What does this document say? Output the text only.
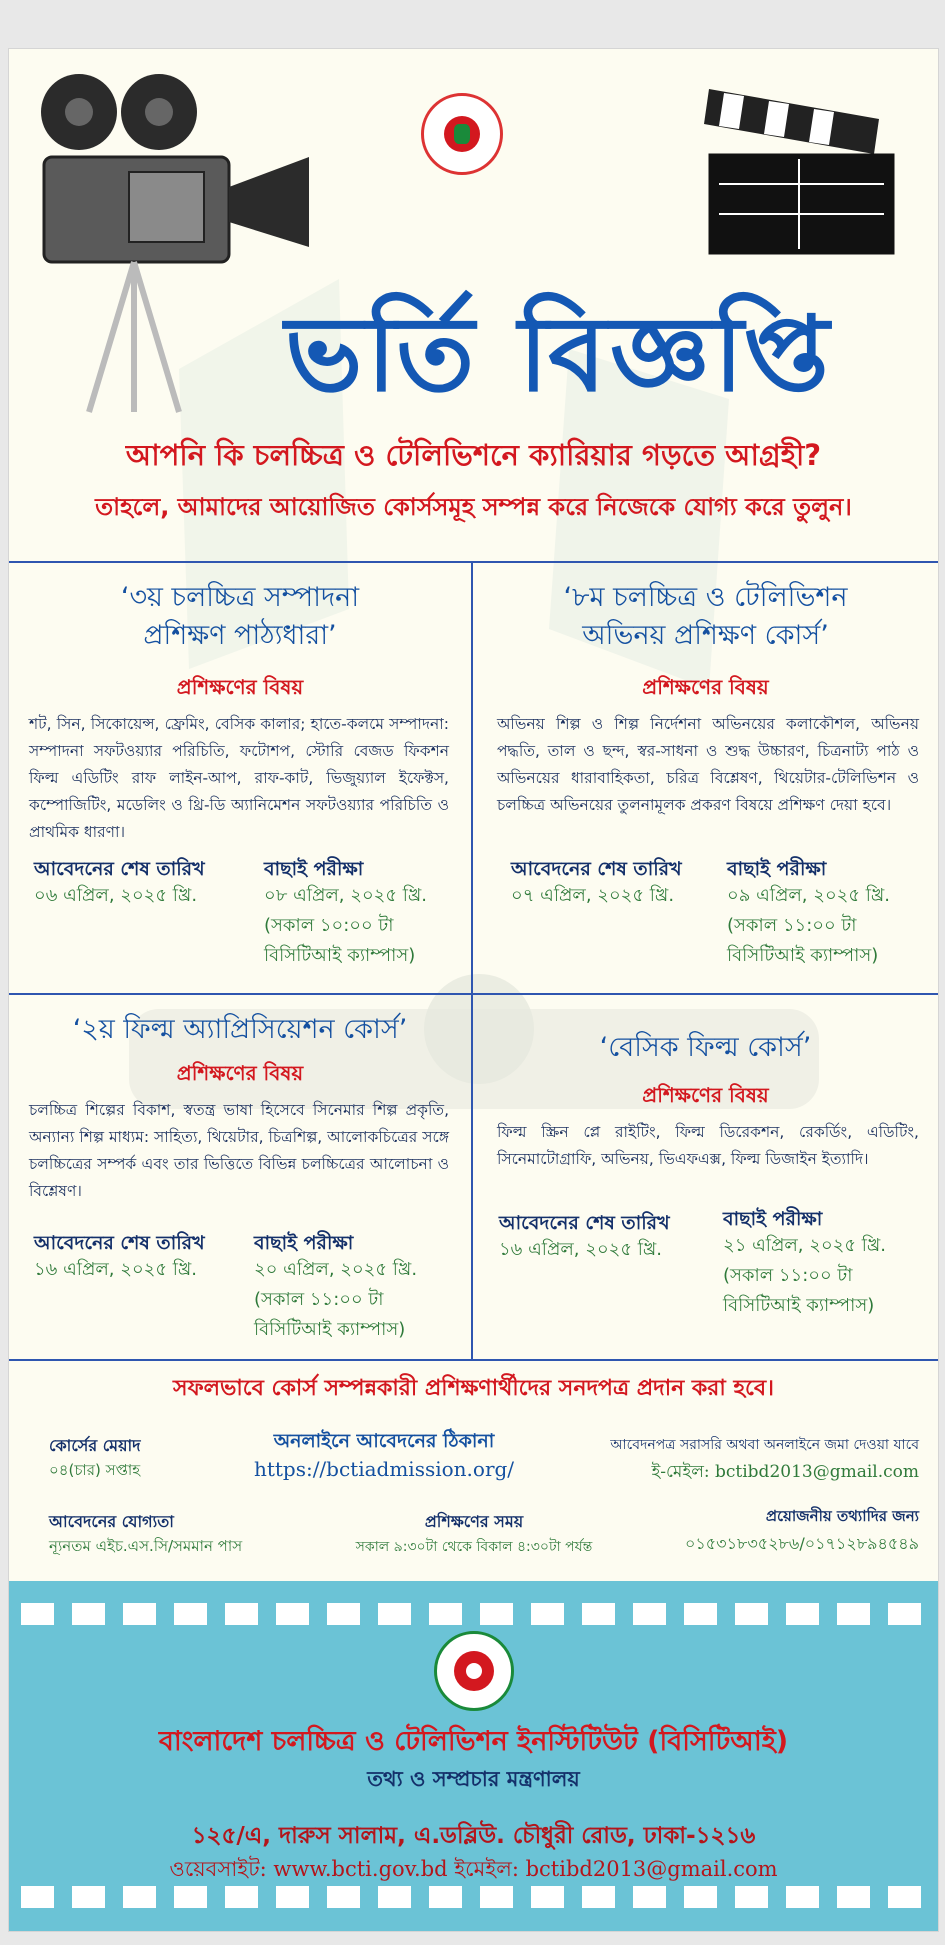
ভর্তি বিজ্ঞপ্তি
আপনি কি চলচ্চিত্র ও টেলিভিশনে ক্যারিয়ার গড়তে আগ্রহী?
তাহলে, আমাদের আয়োজিত কোর্সসমূহ সম্পন্ন করে নিজেকে যোগ্য করে তুলুন।
‘৩য় চলচ্চিত্র সম্পাদনা
প্রশিক্ষণ পাঠ্যধারা’
প্রশিক্ষণের বিষয়
শট, সিন, সিকোয়েন্স, ফ্রেমিং, বেসিক কালার; হাতে-কলমে সম্পাদনা: সম্পাদনা সফটওয়্যার পরিচিতি, ফটোশপ, স্টোরি বেজড ফিকশন ফিল্ম এডিটিং রাফ লাইন-আপ, রাফ-কাট, ভিজুয়্যাল ইফেক্টস, কম্পোজিটিং, মডেলিং ও থ্রি-ডি অ্যানিমেশন সফটওয়্যার পরিচিতি ও প্রাথমিক ধারণা।
আবেদনের শেষ তারিখ
০৬ এপ্রিল, ২০২৫ খ্রি.
বাছাই পরীক্ষা
০৮ এপ্রিল, ২০২৫ খ্রি.
(সকাল ১০:০০ টা
বিসিটিআই ক্যাম্পাস)
‘৮ম চলচ্চিত্র ও টেলিভিশন
অভিনয় প্রশিক্ষণ কোর্স’
প্রশিক্ষণের বিষয়
অভিনয় শিল্প ও শিল্প নির্দেশনা অভিনয়ের কলাকৌশল, অভিনয় পদ্ধতি, তাল ও ছন্দ, স্বর-সাধনা ও শুদ্ধ উচ্চারণ, চিত্রনাট্য পাঠ ও অভিনয়ের ধারাবাহিকতা, চরিত্র বিশ্লেষণ, থিয়েটার-টেলিভিশন ও চলচ্চিত্র অভিনয়ের তুলনামূলক প্রকরণ বিষয়ে প্রশিক্ষণ দেয়া হবে।
আবেদনের শেষ তারিখ
০৭ এপ্রিল, ২০২৫ খ্রি.
বাছাই পরীক্ষা
০৯ এপ্রিল, ২০২৫ খ্রি.
(সকাল ১১:০০ টা
বিসিটিআই ক্যাম্পাস)
‘২য় ফিল্ম অ্যাপ্রিসিয়েশন কোর্স’
প্রশিক্ষণের বিষয়
চলচ্চিত্র শিল্পের বিকাশ, স্বতন্ত্র ভাষা হিসেবে সিনেমার শিল্প প্রকৃতি, অন্যান্য শিল্প মাধ্যম: সাহিত্য, থিয়েটার, চিত্রশিল্প, আলোকচিত্রের সঙ্গে চলচ্চিত্রের সম্পর্ক এবং তার ভিত্তিতে বিভিন্ন চলচ্চিত্রের আলোচনা ও বিশ্লেষণ।
আবেদনের শেষ তারিখ
১৬ এপ্রিল, ২০২৫ খ্রি.
বাছাই পরীক্ষা
২০ এপ্রিল, ২০২৫ খ্রি.
(সকাল ১১:০০ টা
বিসিটিআই ক্যাম্পাস)
‘বেসিক ফিল্ম কোর্স’
প্রশিক্ষণের বিষয়
ফিল্ম স্ক্রিন প্লে রাইটিং, ফিল্ম ডিরেকশন, রেকর্ডিং, এডিটিং, সিনেমাটোগ্রাফি, অভিনয়, ভিএফএক্স, ফিল্ম ডিজাইন ইত্যাদি।
আবেদনের শেষ তারিখ
১৬ এপ্রিল, ২০২৫ খ্রি.
বাছাই পরীক্ষা
২১ এপ্রিল, ২০২৫ খ্রি.
(সকাল ১১:০০ টা
বিসিটিআই ক্যাম্পাস)
সফলভাবে কোর্স সম্পন্নকারী প্রশিক্ষণার্থীদের সনদপত্র প্রদান করা হবে।
কোর্সের মেয়াদ
০৪(চার) সপ্তাহ
অনলাইনে আবেদনের ঠিকানা
https://bctiadmission.org/
আবেদনপত্র সরাসরি অথবা অনলাইনে জমা দেওয়া যাবে
ই-মেইল: bctibd2013@gmail.com
আবেদনের যোগ্যতা
ন্যূনতম এইচ.এস.সি/সমমান পাস
প্রশিক্ষণের সময়
সকাল ৯:৩০টা থেকে বিকাল ৪:৩০টা পর্যন্ত
প্রয়োজনীয় তথ্যাদির জন্য
০১৫৩১৮৩৫২৮৬/০১৭১২৮৯৪৫৪৯
বাংলাদেশ চলচ্চিত্র ও টেলিভিশন ইনস্টিটিউট (বিসিটিআই)
তথ্য ও সম্প্রচার মন্ত্রণালয়
১২৫/এ, দারুস সালাম, এ.ডব্লিউ. চৌধুরী রোড, ঢাকা-১২১৬
ওয়েবসাইট: www.bcti.gov.bd ইমেইল: bctibd2013@gmail.com
